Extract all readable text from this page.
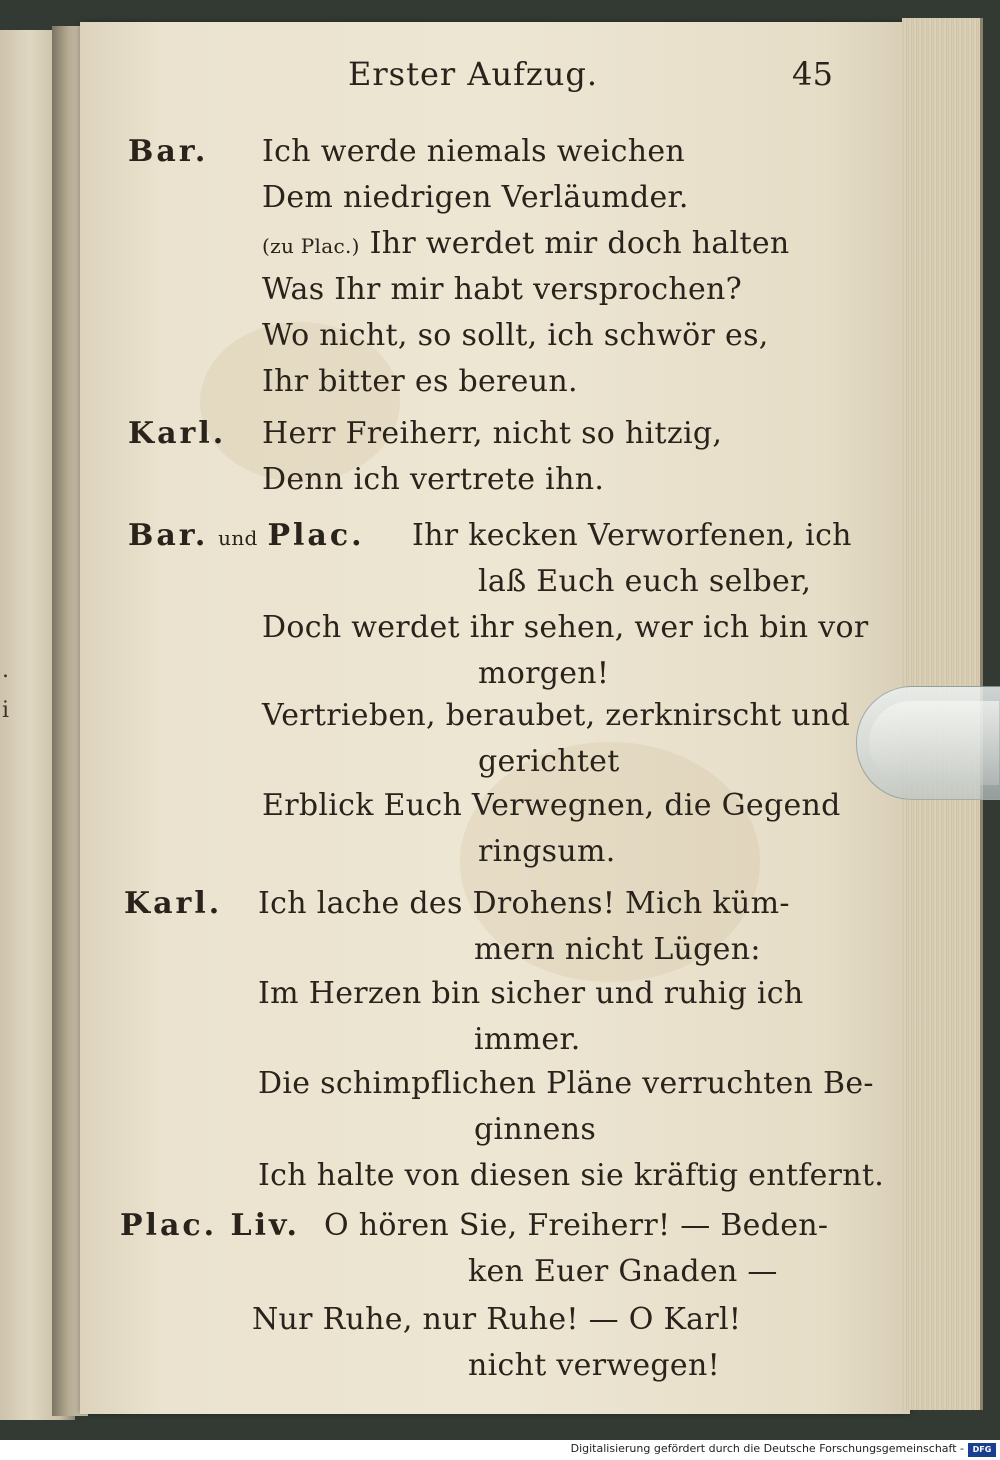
.
i
Erster Aufzug.	45
Bar. Ich werde niemals weichen
Dem niedrigen Verläumder.
(zu Plac.) Ihr werdet mir doch halten
Was Ihr mir habt versprochen?
Wo nicht, so sollt, ich schwör es,
Ihr bitter es bereun.
Karl. Herr Freiherr, nicht so hitzig,
Denn ich vertrete ihn.
Bar. und Plac. Ihr kecken Verworfenen, ich
laß Euch euch selber,
Doch werdet ihr sehen, wer ich bin vor
morgen!
Vertrieben, beraubet, zerknirscht und
gerichtet
Erblick Euch Verwegnen, die Gegend
ringsum.
Karl. Ich lache des Drohens! Mich küm-
mern nicht Lügen:
Im Herzen bin sicher und ruhig ich
immer.
Die schimpflichen Pläne verruchten Be-
ginnens
Ich halte von diesen sie kräftig entfernt.
Plac. Liv. O hören Sie, Freiherr! — Beden-
ken Euer Gnaden —
Nur Ruhe, nur Ruhe! — O Karl!
nicht verwegen!
Digitalisierung gefördert durch die Deutsche Forschungsgemeinschaft -	DFG
